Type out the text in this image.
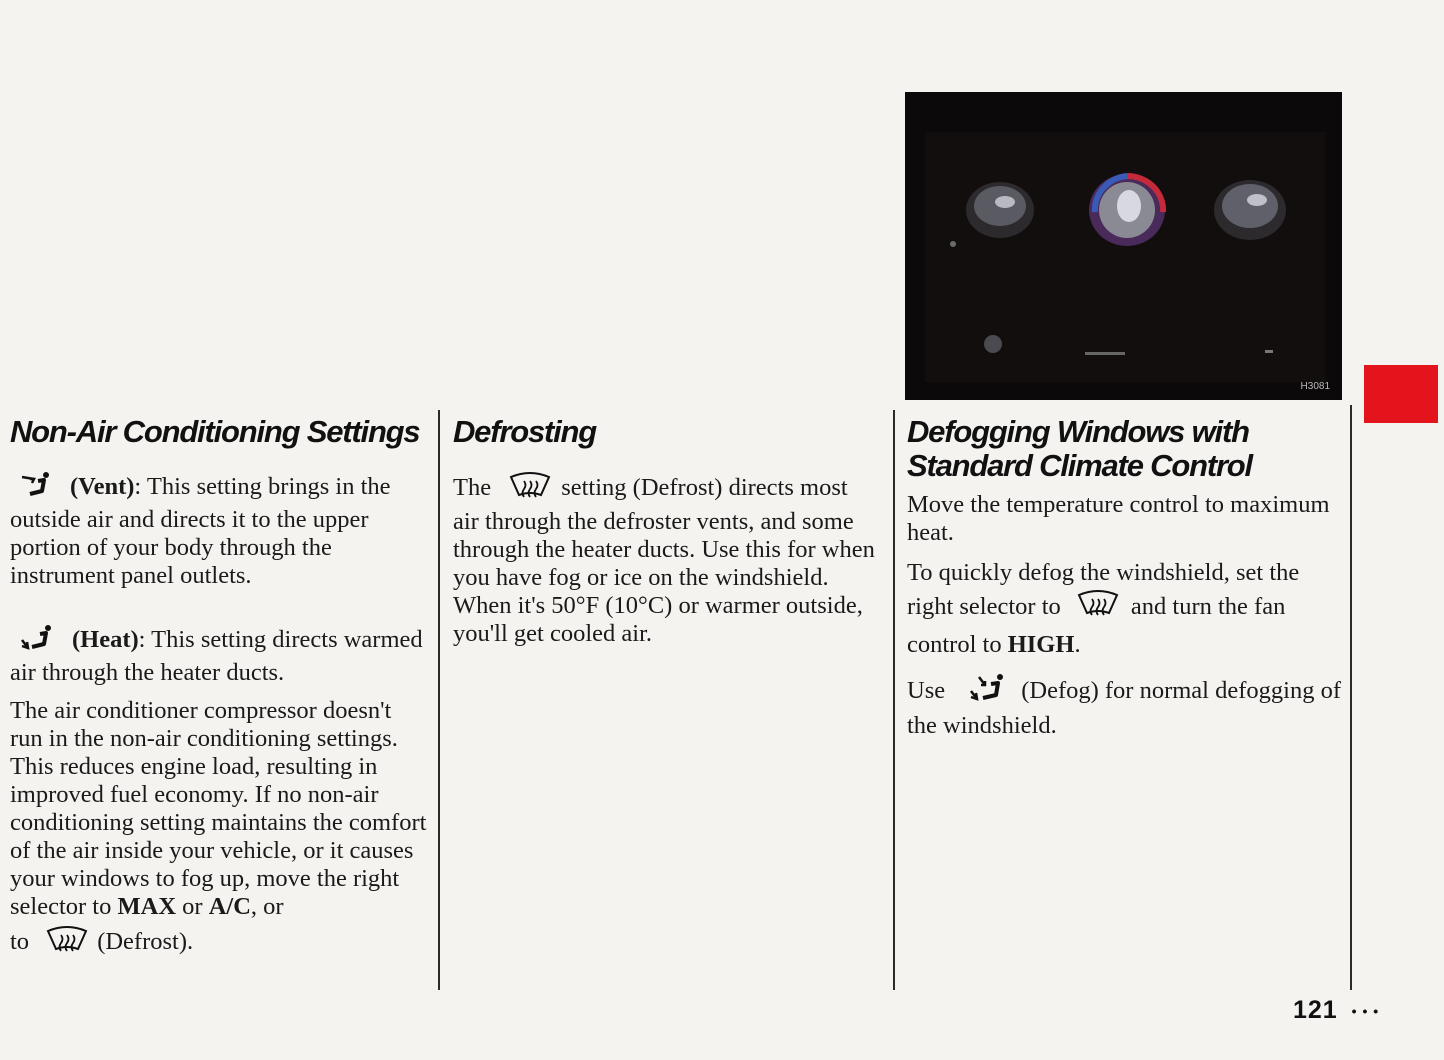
H3081
Non-Air Conditioning Settings

(Vent): This setting brings in the outside air and directs it to the upper portion of your body through the instrument panel outlets.

(Heat): This setting directs warmed air through the heater ducts.

The air conditioner compressor doesn't run in the non-air conditioning settings. This reduces engine load, resulting in improved fuel economy. If no non-air conditioning setting maintains the comfort of the air inside your vehicle, or it causes your windows to fog up, move the right selector to MAX or A/C, or

to	(Defrost).

Defrosting

The	setting (Defrost) directs most air through the defroster vents, and some through the heater ducts. Use this for when you have fog or ice on the windshield. When it's 50°F (10°C) or warmer outside, you'll get cooled air.

Defogging Windows with
Standard Climate Control

Move the temperature control to maximum heat.

To quickly defog the windshield, set the right selector to	and turn the fan control to HIGH.

Use	(Defog) for normal defogging of the windshield.

121 • • •
